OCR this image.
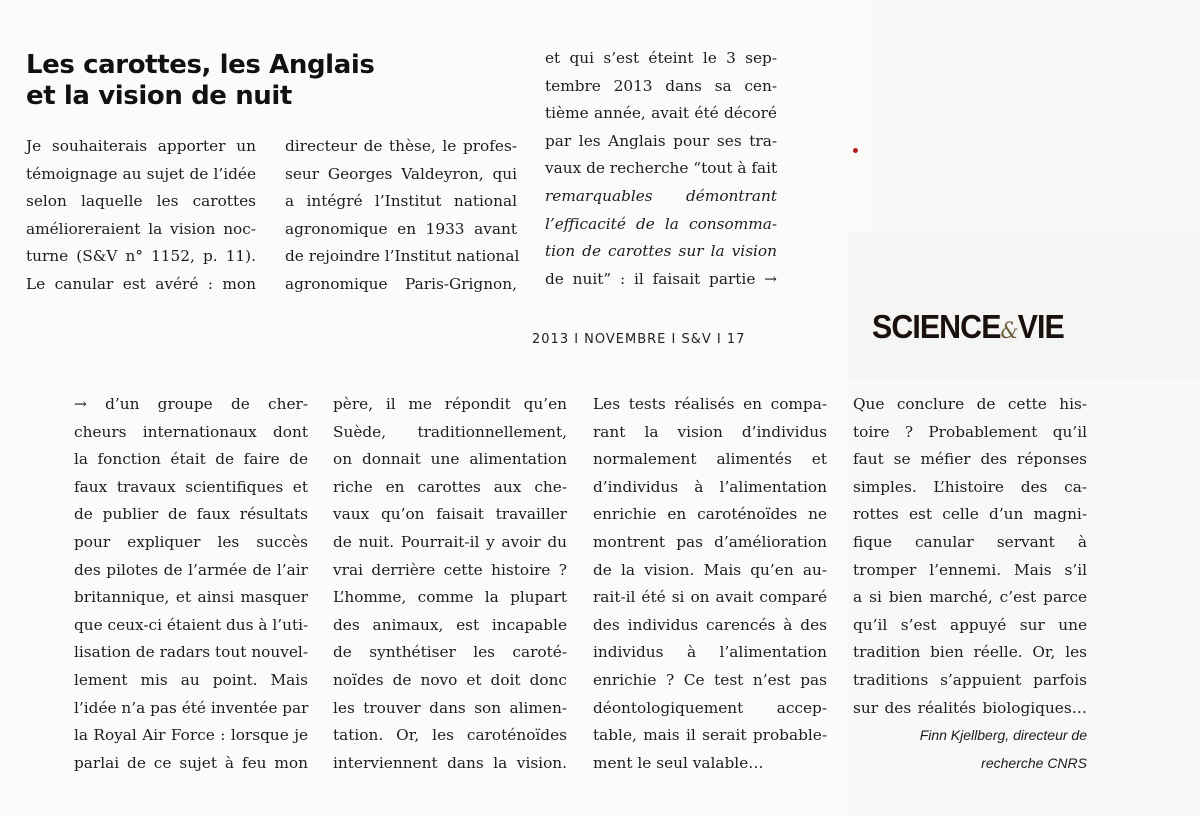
Les carottes, les Anglais
et la vision de nuit
Je souhaiterais apporter un
témoignage au sujet de l’idée
selon laquelle les carottes
amélioreraient la vision noc-
turne (S&V n° 1152, p. 11).
Le canular est avéré : mon
directeur de thèse, le profes-
seur Georges Valdeyron, qui
a intégré l’Institut national
agronomique en 1933 avant
de rejoindre l’Institut national
agronomique Paris-Grignon,
et qui s’est éteint le 3 sep-
tembre 2013 dans sa cen-
tième année, avait été décoré
par les Anglais pour ses tra-
vaux de recherche “tout à fait
remarquables démontrant
l’efficacité de la consomma-
tion de carottes sur la vision
de nuit” : il faisait partie →
2013 I NOVEMBRE I S&V I 17	SCIENCE&VIE
→ d’un groupe de cher-
cheurs internationaux dont
la fonction était de faire de
faux travaux scientifiques et
de publier de faux résultats
pour expliquer les succès
des pilotes de l’armée de l’air
britannique, et ainsi masquer
que ceux-ci étaient dus à l’uti-
lisation de radars tout nouvel-
lement mis au point. Mais
l’idée n’a pas été inventée par
la Royal Air Force : lorsque je
parlai de ce sujet à feu mon
père, il me répondit qu’en
Suède, traditionnellement,
on donnait une alimentation
riche en carottes aux che-
vaux qu’on faisait travailler
de nuit. Pourrait-il y avoir du
vrai derrière cette histoire ?
L’homme, comme la plupart
des animaux, est incapable
de synthétiser les caroté-
noïdes de novo et doit donc
les trouver dans son alimen-
tation. Or, les caroténoïdes
interviennent dans la vision.
Les tests réalisés en compa-
rant la vision d’individus
normalement alimentés et
d’individus à l’alimentation
enrichie en caroténoïdes ne
montrent pas d’amélioration
de la vision. Mais qu’en au-
rait-il été si on avait comparé
des individus carencés à des
individus à l’alimentation
enrichie ? Ce test n’est pas
déontologiquement accep-
table, mais il serait probable-
ment le seul valable…
Que conclure de cette his-
toire ? Probablement qu’il
faut se méfier des réponses
simples. L’histoire des ca-
rottes est celle d’un magni-
fique canular servant à
tromper l’ennemi. Mais s’il
a si bien marché, c’est parce
qu’il s’est appuyé sur une
tradition bien réelle. Or, les
traditions s’appuient parfois
sur des réalités biologiques…
Finn Kjellberg, directeur de
recherche CNRS
